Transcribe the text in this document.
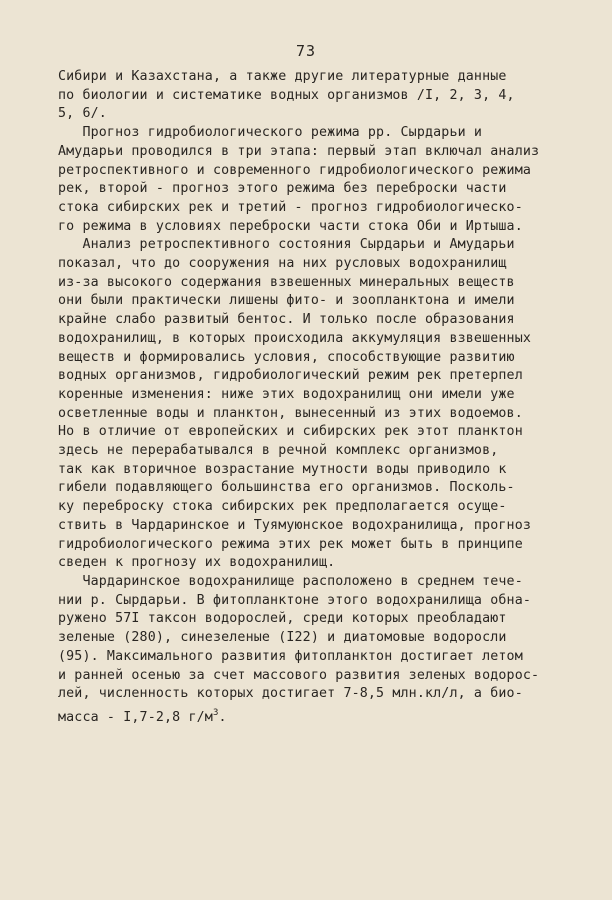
73
Сибири и Казахстана, а также другие литературные данные
по биологии и систематике водных организмов /I, 2, 3, 4,
5, 6/.
Прогноз гидробиологического режима рр. Сырдарьи и
Амударьи проводился в три этапа: первый этап включал анализ
ретроспективного и современного гидробиологического режима
рек, второй - прогноз этого режима без переброски части
стока сибирских рек и третий - прогноз гидробиологическо-
го режима в условиях переброски части стока Оби и Иртыша.
Анализ ретроспективного состояния Сырдарьи и Амударьи
показал, что до сооружения на них русловых водохранилищ
из-за высокого содержания взвешенных минеральных веществ
они были практически лишены фито- и зоопланктона и имели
крайне слабо развитый бентос. И только после образования
водохранилищ, в которых происходила аккумуляция взвешенных
веществ и формировались условия, способствующие развитию
водных организмов, гидробиологический режим рек претерпел
коренные изменения: ниже этих водохранилищ они имели уже
осветленные воды и планктон, вынесенный из этих водоемов.
Но в отличие от европейских и сибирских рек этот планктон
здесь не перерабатывался в речной комплекс организмов,
так как вторичное возрастание мутности воды приводило к
гибели подавляющего большинства его организмов. Посколь-
ку переброску стока сибирских рек предполагается осуще-
ствить в Чардаринское и Туямуюнское водохранилища, прогноз
гидробиологического режима этих рек может быть в принципе
сведен к прогнозу их водохранилищ.
Чардаринское водохранилище расположено в среднем тече-
нии р. Сырдарьи. В фитопланктоне этого водохранилища обна-
ружено 57I таксон водорослей, среди которых преобладают
зеленые (280), синезеленые (I22) и диатомовые водоросли
(95). Максимального развития фитопланктон достигает летом
и ранней осенью за счет массового развития зеленых водорос-
лей, численность которых достигает 7-8,5 млн.кл/л, а био-
масса - I,7-2,8 $г/м^3$.
